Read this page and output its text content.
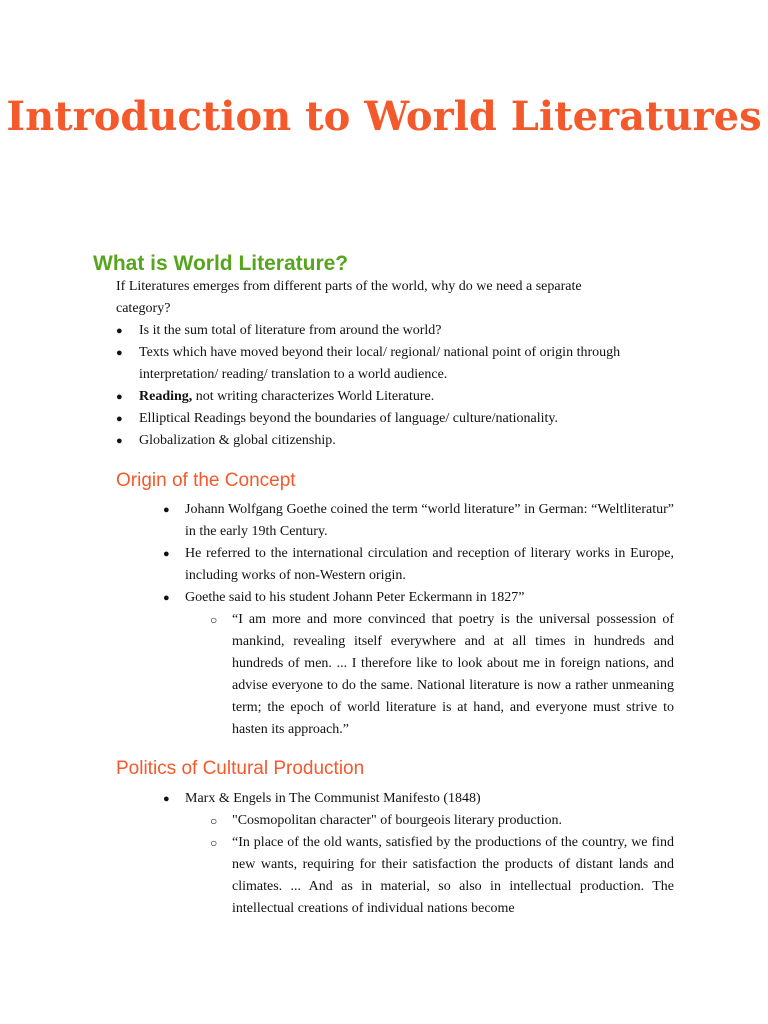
Introduction to World Literatures
What is World Literature?
If Literatures emerges from different parts of the world, why do we need a separate category?
● Is it the sum total of literature from around the world?
● Texts which have moved beyond their local/ regional/ national point of origin through interpretation/ reading/ translation to a world audience.
● Reading, not writing characterizes World Literature.
● Elliptical Readings beyond the boundaries of language/ culture/nationality.
● Globalization & global citizenship.
Origin of the Concept
● Johann Wolfgang Goethe coined the term “world literature” in German: “Weltliteratur” in the early 19th Century.
● He referred to the international circulation and reception of literary works in Europe, including works of non-Western origin.
● Goethe said to his student Johann Peter Eckermann in 1827”
○ “I am more and more convinced that poetry is the universal possession of mankind, revealing itself everywhere and at all times in hundreds and hundreds of men. ... I therefore like to look about me in foreign nations, and advise everyone to do the same. National literature is now a rather unmeaning term; the epoch of world literature is at hand, and everyone must strive to hasten its approach.”
Politics of Cultural Production
● Marx & Engels in The Communist Manifesto (1848)
○ "Cosmopolitan character" of bourgeois literary production.
○ “In place of the old wants, satisfied by the productions of the country, we find new wants, requiring for their satisfaction the products of distant lands and climates. ... And as in material, so also in intellectual production. The intellectual creations of individual nations become
